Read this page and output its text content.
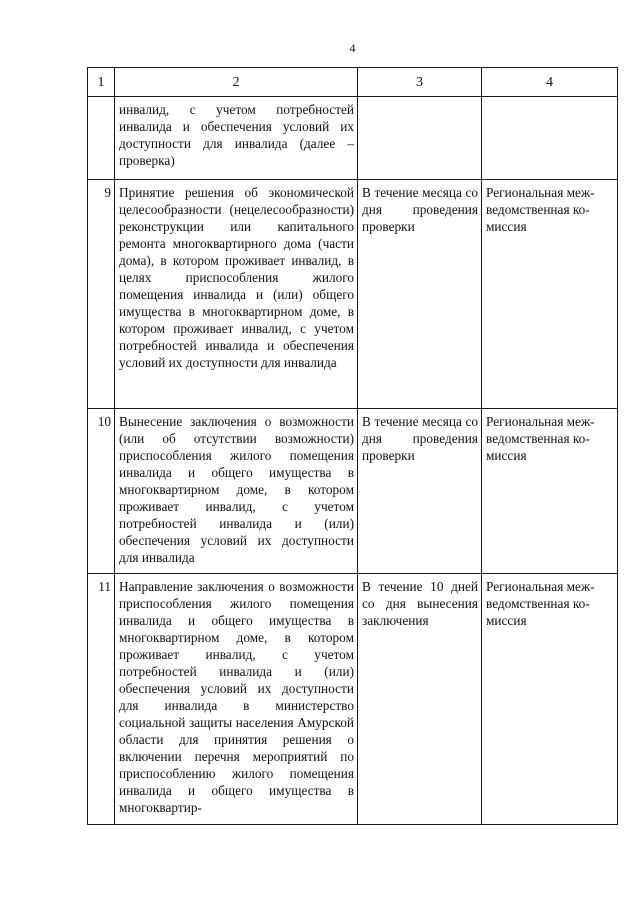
4
1	2	3	4

	инвалид, с учетом потребностей инвалида и обеспечения условий их доступности для инвалида (далее – проверка)		

9	Принятие решения об экономической целесообразности (нецелесообразности) реконструкции или капитального ремонта многоквартирного дома (части дома), в котором проживает инвалид, в целях приспособления жилого помещения инвалида и (или) общего имущества в многоквартирном доме, в котором проживает инвалид, с учетом потребностей инвалида и обеспечения условий их доступности для инвалида	В течение месяца со дня проведения проверки	Региональная межведомственная комиссия

10	Вынесение заключения о возможности (или об отсутствии возможности) приспособления жилого помещения инвалида и общего имущества в многоквартирном доме, в котором проживает инвалид, с учетом потребностей инвалида и (или) обеспечения условий их доступности для инвалида	В течение месяца со дня проведения проверки	Региональная межведомственная комиссия

11	Направление заключения о возможности приспособления жилого помещения инвалида и общего имущества в многоквартирном доме, в котором проживает инвалид, с учетом потребностей инвалида и (или) обеспечения условий их доступности для инвалида в министерство социальной защиты населения Амурской области для принятия решения о включении перечня мероприятий по приспособлению жилого помещения инвалида и общего имущества в многоквартир-	В течение 10 дней со дня вынесения заключения	Региональная межведомственная комиссия
